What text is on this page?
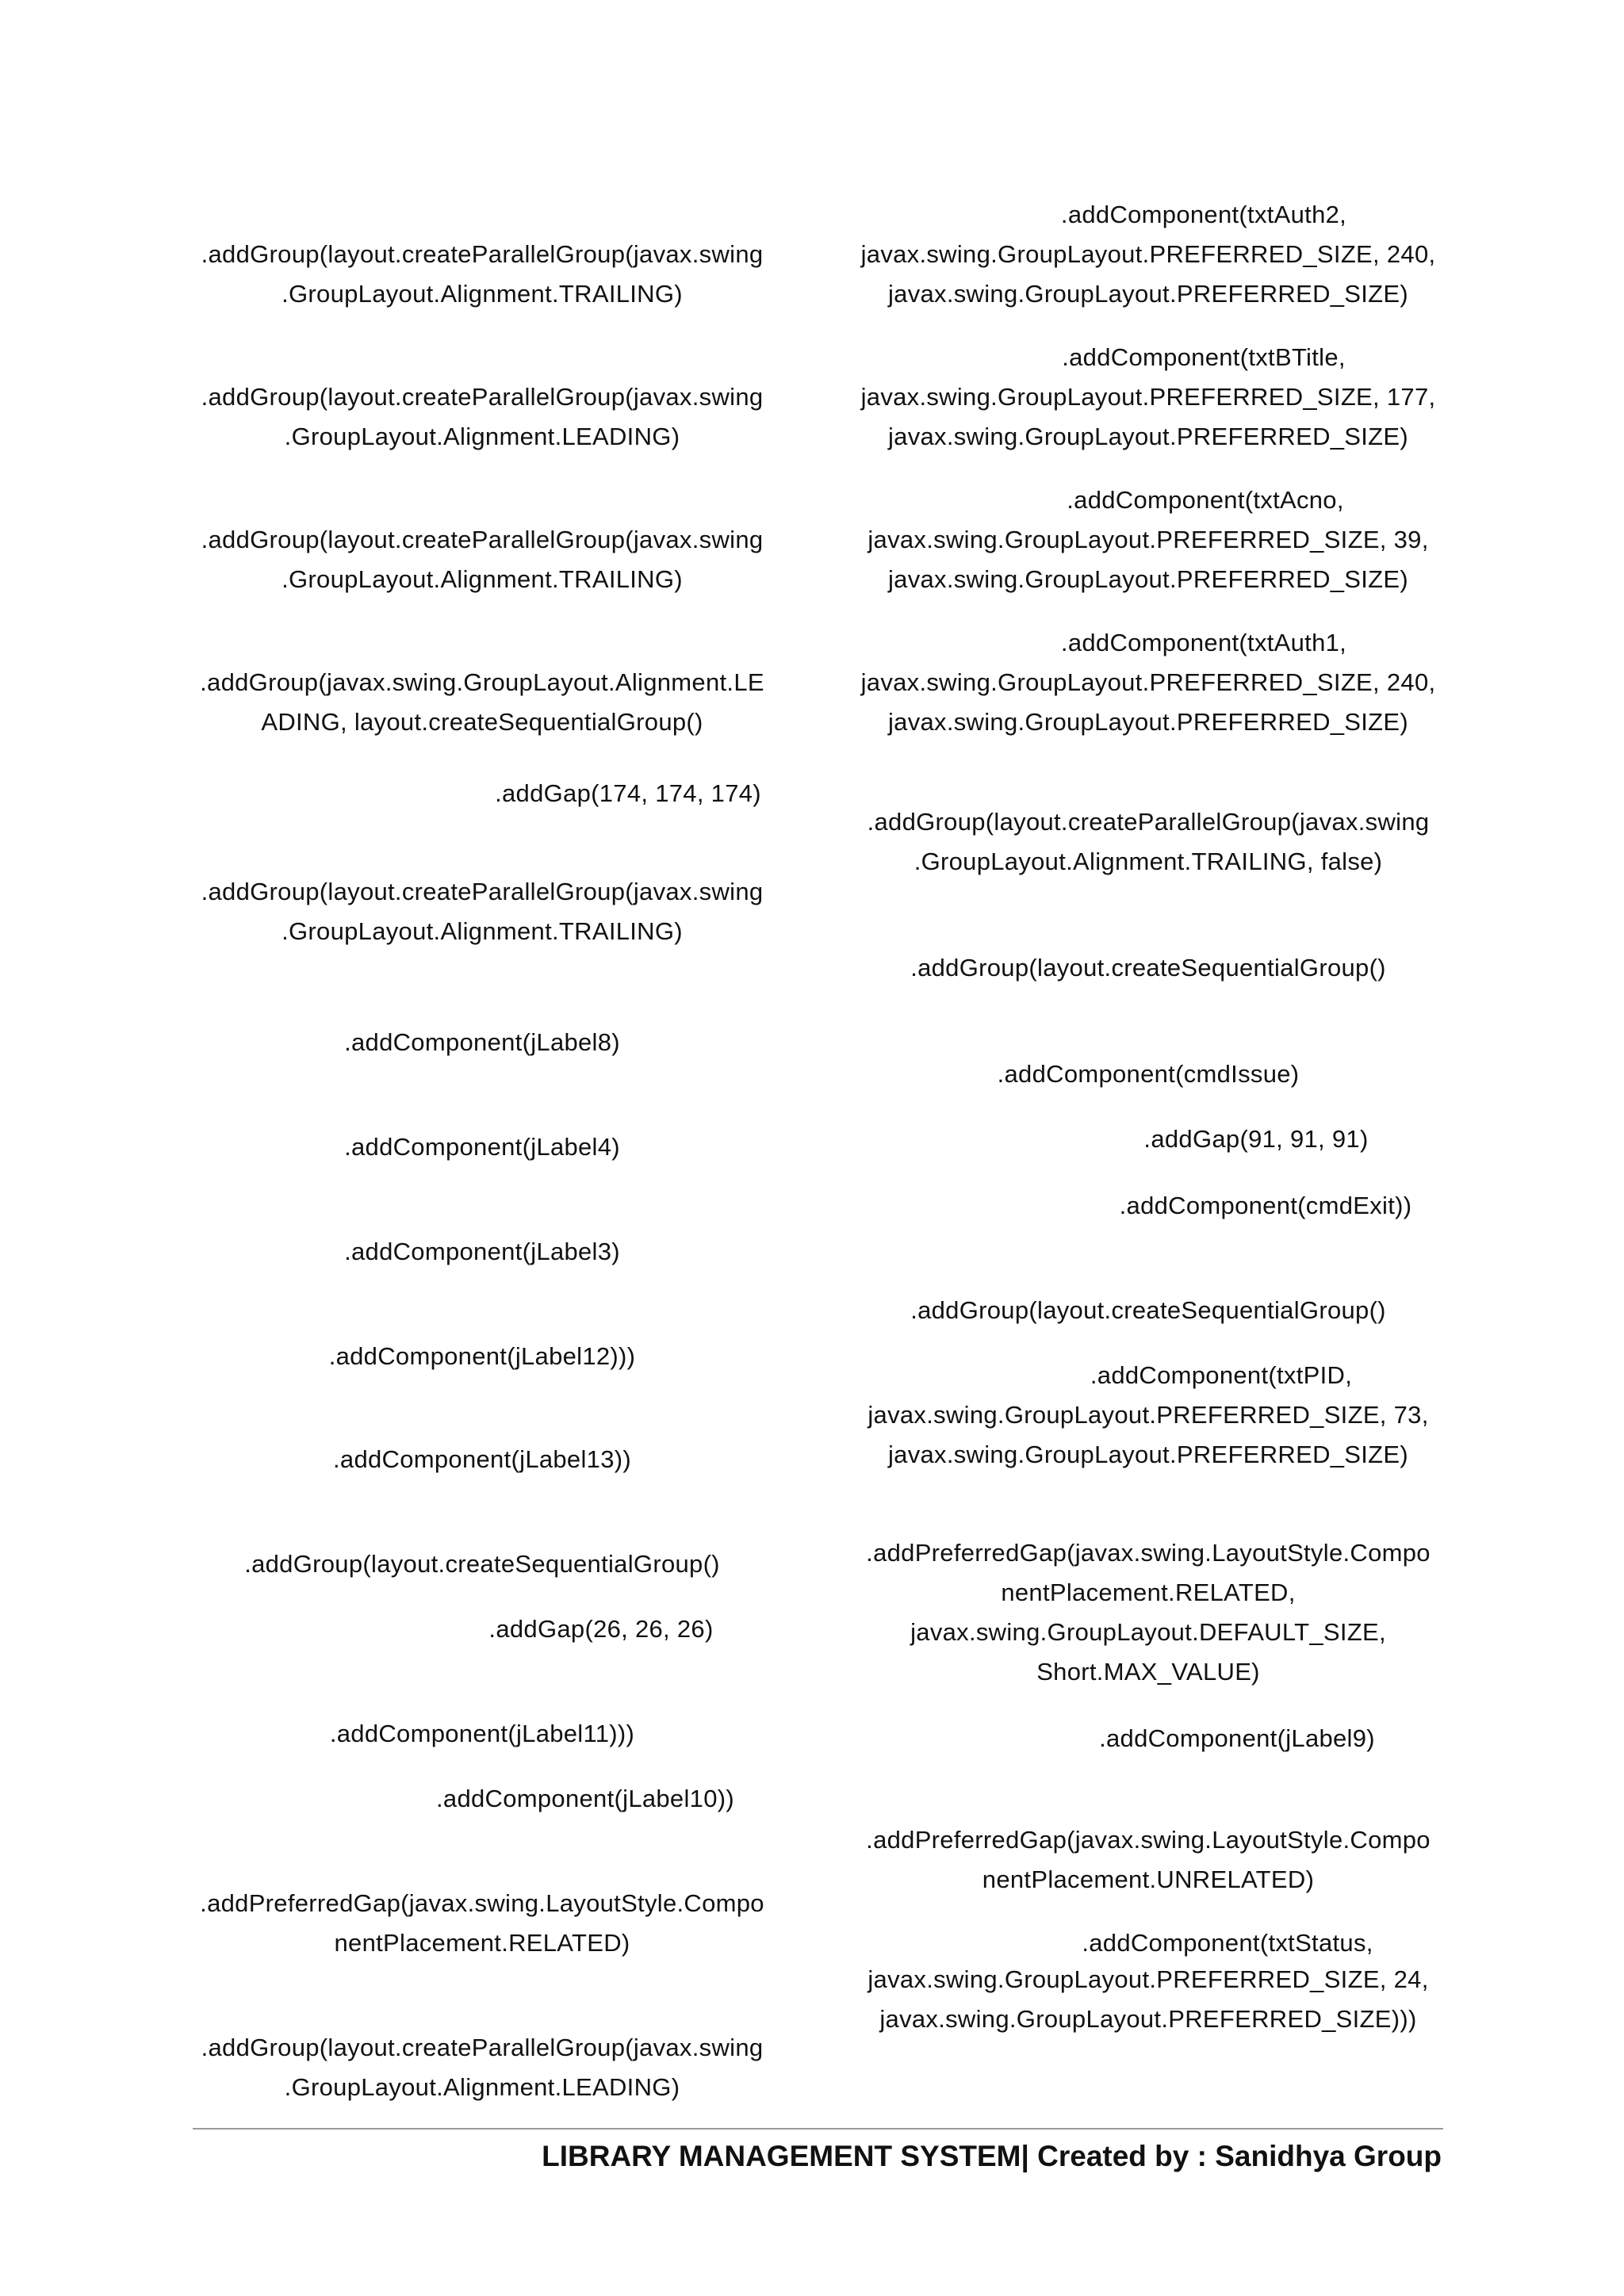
.addGroup(layout.createParallelGroup(javax.swing
.GroupLayout.Alignment.TRAILING)
.addGroup(layout.createParallelGroup(javax.swing
.GroupLayout.Alignment.LEADING)
.addGroup(layout.createParallelGroup(javax.swing
.GroupLayout.Alignment.TRAILING)
.addGroup(javax.swing.GroupLayout.Alignment.LE
ADING, layout.createSequentialGroup()
.addGap(174, 174, 174)
.addGroup(layout.createParallelGroup(javax.swing
.GroupLayout.Alignment.TRAILING)
.addComponent(jLabel8)
.addComponent(jLabel4)
.addComponent(jLabel3)
.addComponent(jLabel12)))
.addComponent(jLabel13))
.addGroup(layout.createSequentialGroup()
.addGap(26, 26, 26)
.addComponent(jLabel11)))
.addComponent(jLabel10))
.addPreferredGap(javax.swing.LayoutStyle.Compo
nentPlacement.RELATED)
.addGroup(layout.createParallelGroup(javax.swing
.GroupLayout.Alignment.LEADING)
.addComponent(txtAuth2,
javax.swing.GroupLayout.PREFERRED_SIZE, 240,
javax.swing.GroupLayout.PREFERRED_SIZE)
.addComponent(txtBTitle,
javax.swing.GroupLayout.PREFERRED_SIZE, 177,
javax.swing.GroupLayout.PREFERRED_SIZE)
.addComponent(txtAcno,
javax.swing.GroupLayout.PREFERRED_SIZE, 39,
javax.swing.GroupLayout.PREFERRED_SIZE)
.addComponent(txtAuth1,
javax.swing.GroupLayout.PREFERRED_SIZE, 240,
javax.swing.GroupLayout.PREFERRED_SIZE)
.addGroup(layout.createParallelGroup(javax.swing
.GroupLayout.Alignment.TRAILING, false)
.addGroup(layout.createSequentialGroup()
.addComponent(cmdIssue)
.addGap(91, 91, 91)
.addComponent(cmdExit))
.addGroup(layout.createSequentialGroup()
.addComponent(txtPID,
javax.swing.GroupLayout.PREFERRED_SIZE, 73,
javax.swing.GroupLayout.PREFERRED_SIZE)
.addPreferredGap(javax.swing.LayoutStyle.Compo
nentPlacement.RELATED,
javax.swing.GroupLayout.DEFAULT_SIZE,
Short.MAX_VALUE)
.addComponent(jLabel9)
.addPreferredGap(javax.swing.LayoutStyle.Compo
nentPlacement.UNRELATED)
.addComponent(txtStatus,
javax.swing.GroupLayout.PREFERRED_SIZE, 24,
javax.swing.GroupLayout.PREFERRED_SIZE)))
LIBRARY MANAGEMENT SYSTEM| Created by : Sanidhya Group
